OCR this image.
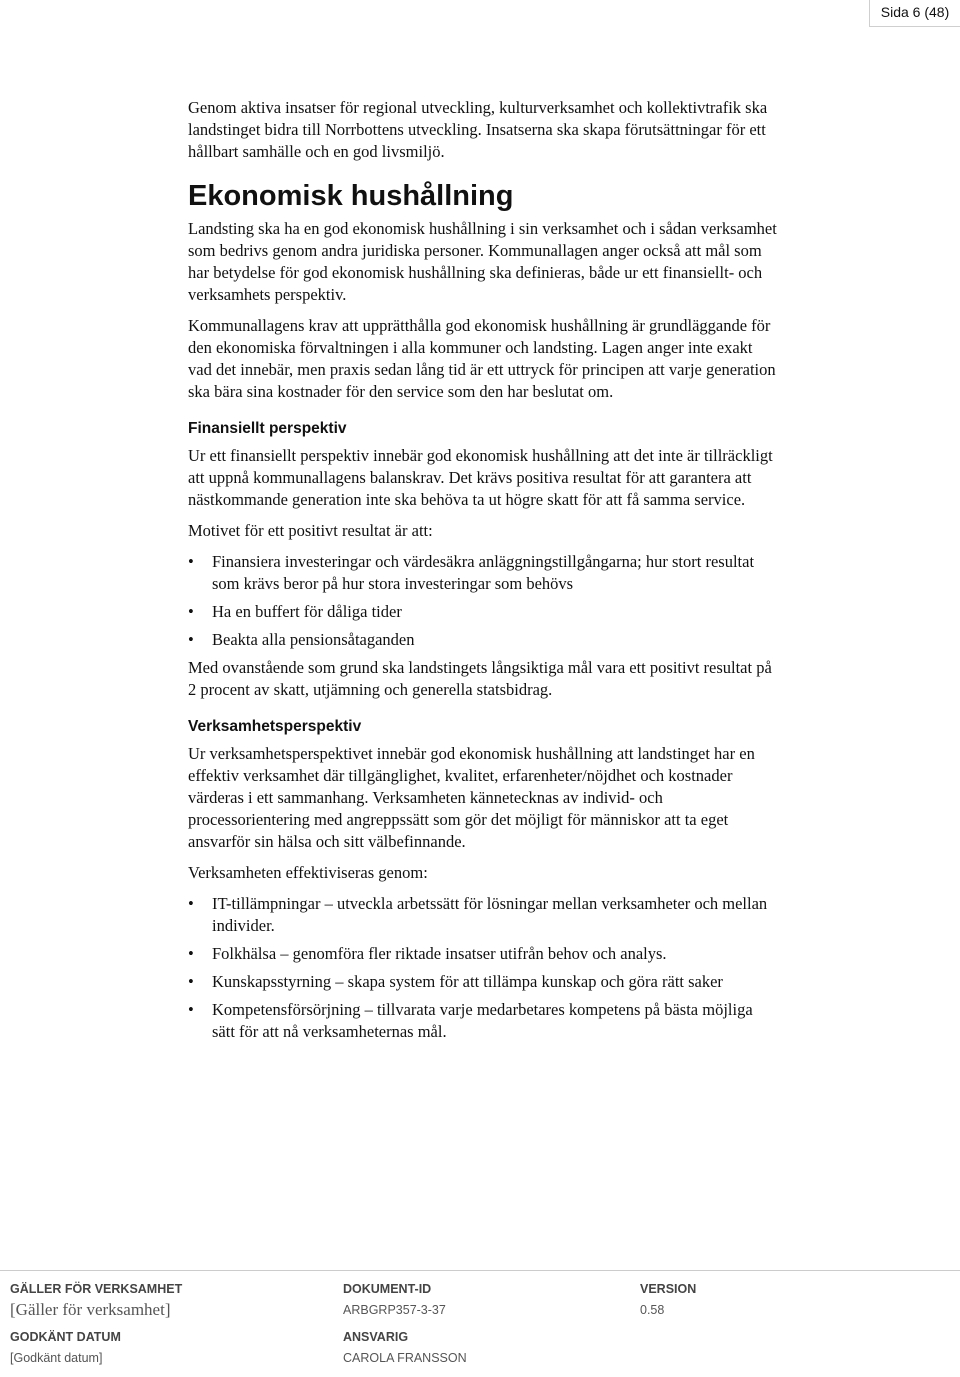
Sida 6 (48)

Genom aktiva insatser för regional utveckling, kulturverksamhet och kollektivtrafik ska landstinget bidra till Norrbottens utveckling. Insatserna ska skapa förutsättningar för ett hållbart samhälle och en god livsmiljö.

Ekonomisk hushållning

Landsting ska ha en god ekonomisk hushållning i sin verksamhet och i sådan verksamhet som bedrivs genom andra juridiska personer. Kommunallagen anger också att mål som har betydelse för god ekonomisk hushållning ska definieras, både ur ett finansiellt- och verksamhets perspektiv.

Kommunallagens krav att upprätthålla god ekonomisk hushållning är grundläggande för den ekonomiska förvaltningen i alla kommuner och landsting. Lagen anger inte exakt vad det innebär, men praxis sedan lång tid är ett uttryck för principen att varje generation ska bära sina kostnader för den service som den har beslutat om.

Finansiellt perspektiv

Ur ett finansiellt perspektiv innebär god ekonomisk hushållning att det inte är tillräckligt att uppnå kommunallagens balanskrav. Det krävs positiva resultat för att garantera att nästkommande generation inte ska behöva ta ut högre skatt för att få samma service.

Motivet för ett positivt resultat är att:

• Finansiera investeringar och värdesäkra anläggningstillgångarna; hur stort resultat som krävs beror på hur stora investeringar som behövs
• Ha en buffert för dåliga tider
• Beakta alla pensionsåtaganden

Med ovanstående som grund ska landstingets långsiktiga mål vara ett positivt resultat på 2 procent av skatt, utjämning och generella statsbidrag.

Verksamhetsperspektiv

Ur verksamhetsperspektivet innebär god ekonomisk hushållning att landstinget har en effektiv verksamhet där tillgänglighet, kvalitet, erfarenheter/nöjdhet och kostnader värderas i ett sammanhang. Verksamheten kännetecknas av individ- och processorientering med angreppssätt som gör det möjligt för människor att ta eget ansvarför sin hälsa och sitt välbefinnande.

Verksamheten effektiviseras genom:

• IT-tillämpningar – utveckla arbetssätt för lösningar mellan verksamheter och mellan individer.
• Folkhälsa – genomföra fler riktade insatser utifrån behov och analys.
• Kunskapsstyrning – skapa system för att tillämpa kunskap och göra rätt saker
• Kompetensförsörjning – tillvarata varje medarbetares kompetens på bästa möjliga sätt för att nå verksamheternas mål.
GÄLLER FÖR VERKSAMHET
[Gäller för verksamhet]
GODKÄNT DATUM
[Godkänt datum]
DOKUMENT-ID
ARBGRP357-3-37
ANSVARIG
CAROLA FRANSSON
VERSION
0.58
